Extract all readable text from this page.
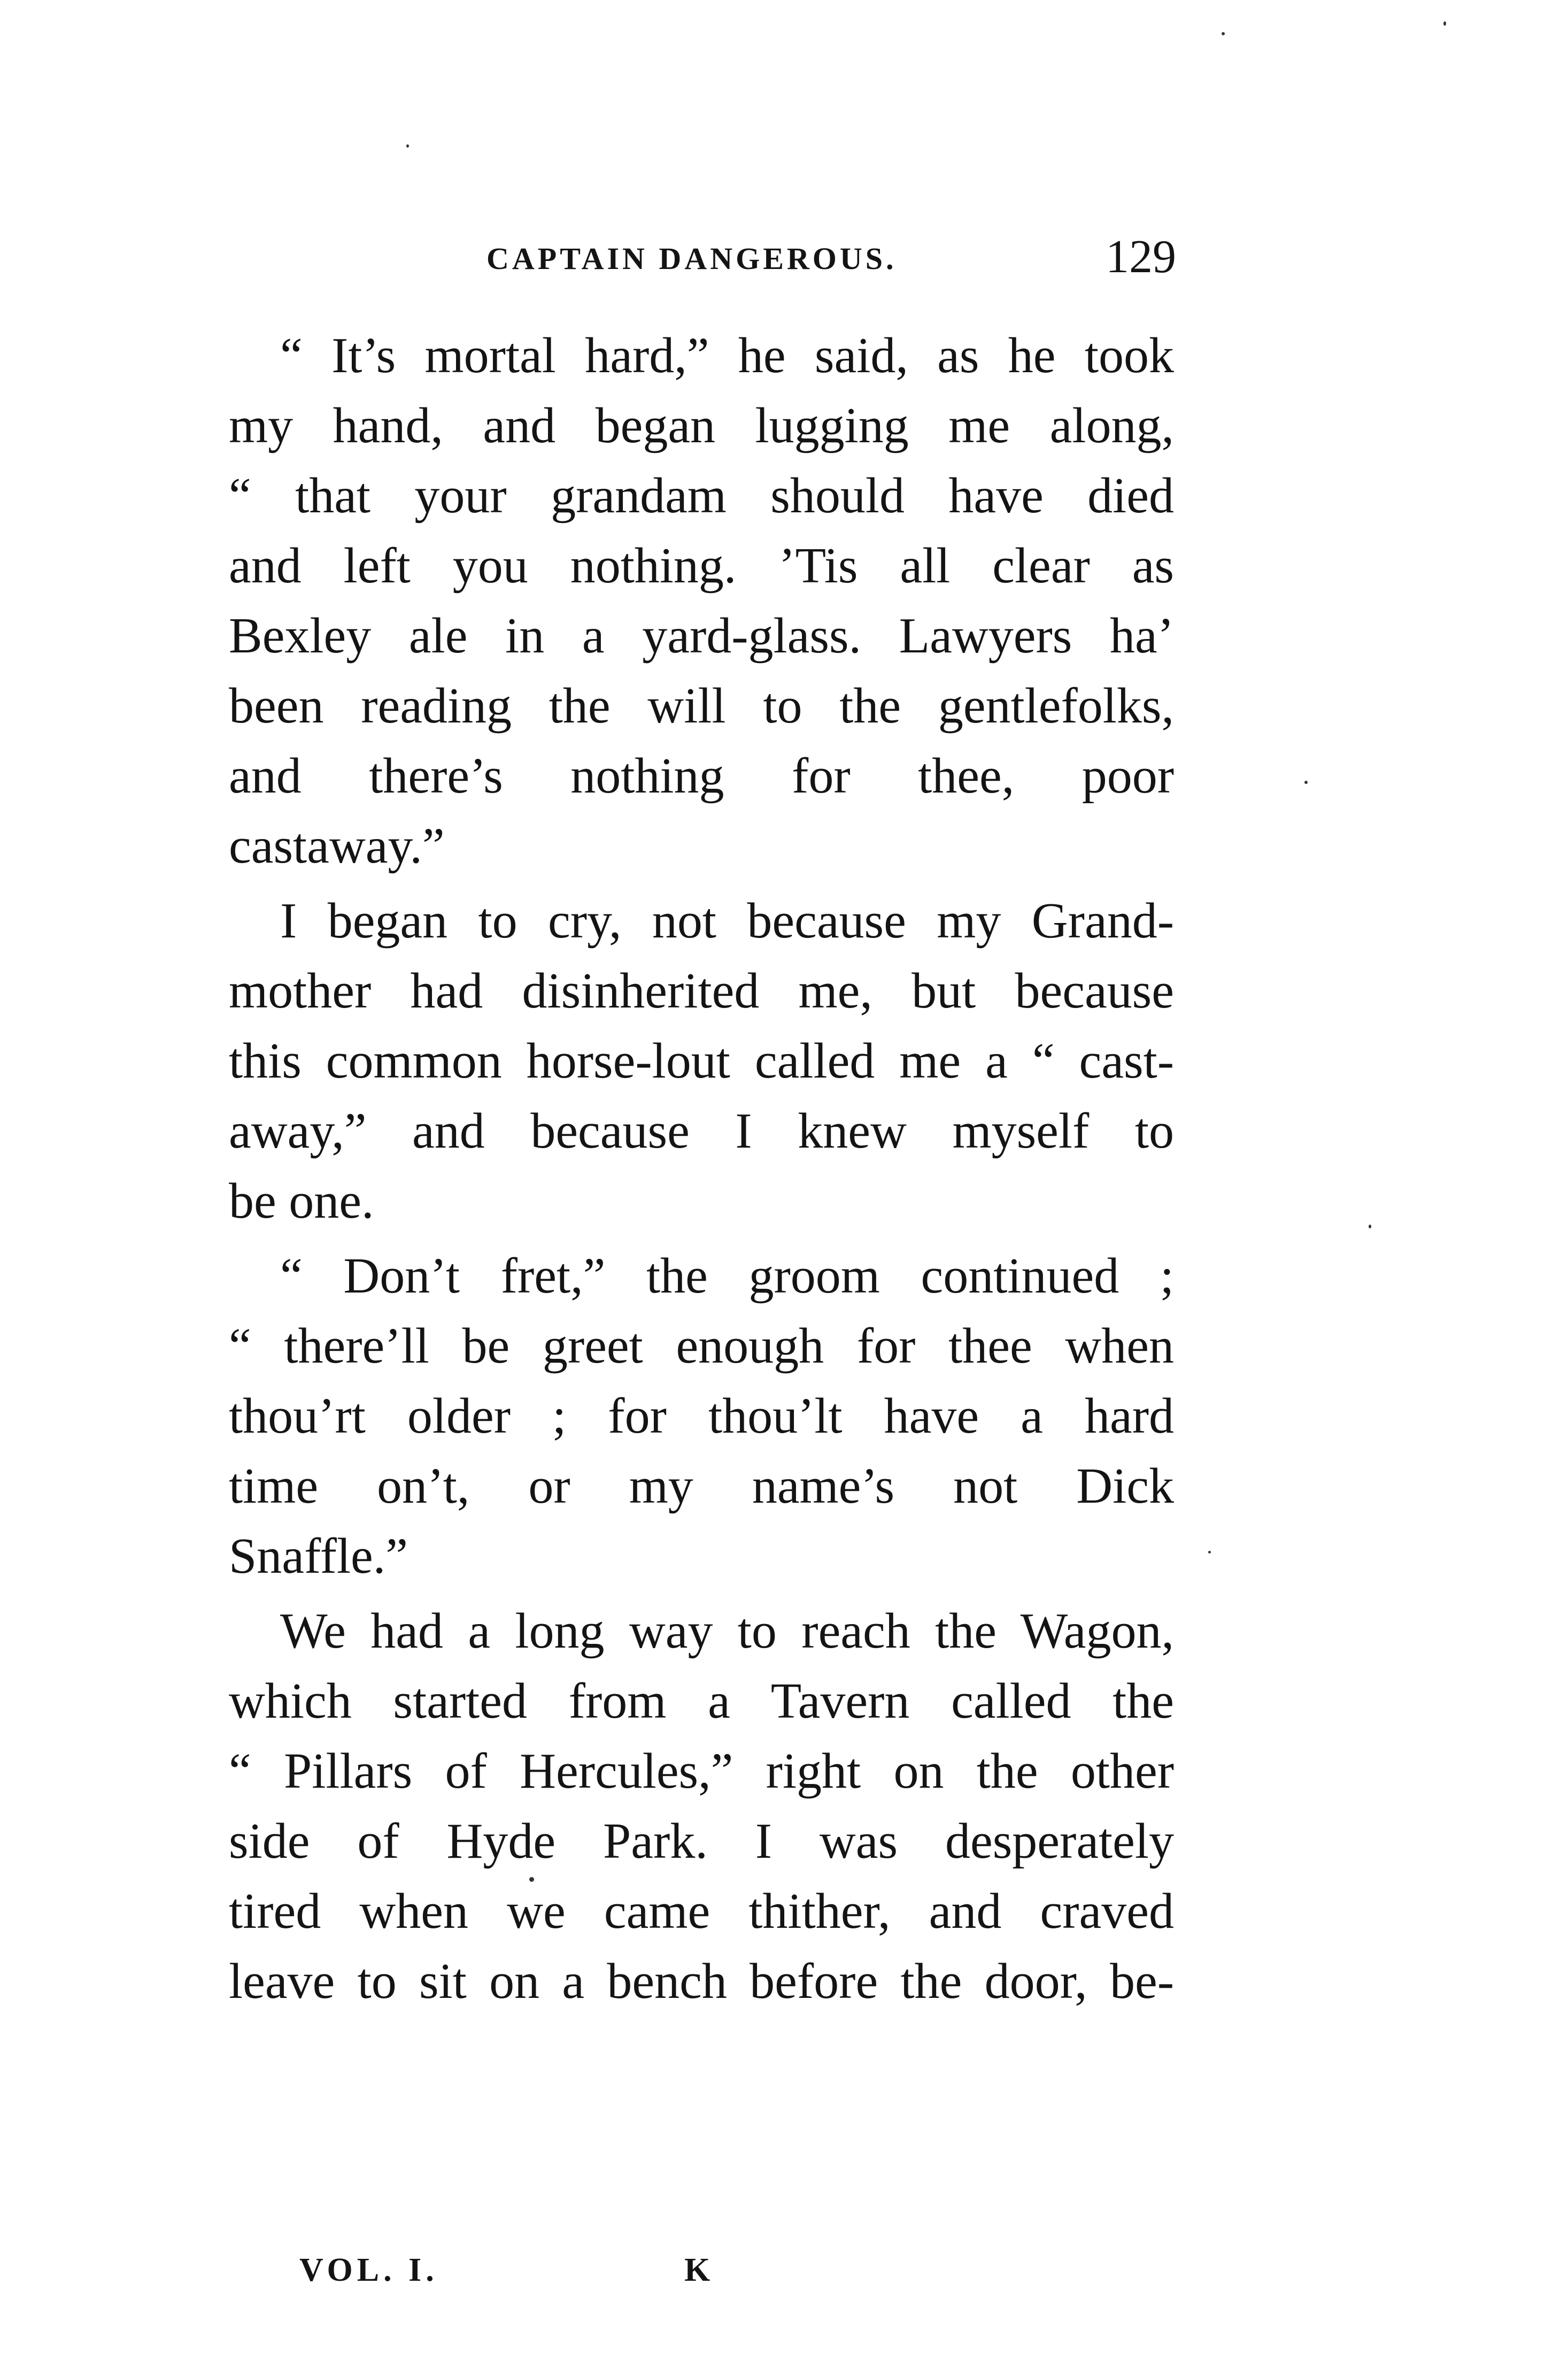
CAPTAIN DANGEROUS.	129

“ It’s mortal hard,” he said, as he took
my hand, and began lugging me along,
“ that your grandam should have died
and left you nothing. ’Tis all clear as
Bexley ale in a yard-glass. Lawyers ha’
been reading the will to the gentlefolks,
and there’s nothing for thee, poor
castaway.”

I began to cry, not because my Grand-
mother had disinherited me, but because
this common horse-lout called me a “ cast-
away,” and because I knew myself to
be one.

“ Don’t fret,” the groom continued ;
“ there’ll be greet enough for thee when
thou’rt older ; for thou’lt have a hard
time on’t, or my name’s not Dick
Snaffle.”

We had a long way to reach the Wagon,
which started from a Tavern called the
“ Pillars of Hercules,” right on the other
side of Hyde Park. I was desperately
tired when we came thither, and craved
leave to sit on a bench before the door, be-

VOL. I.	K
